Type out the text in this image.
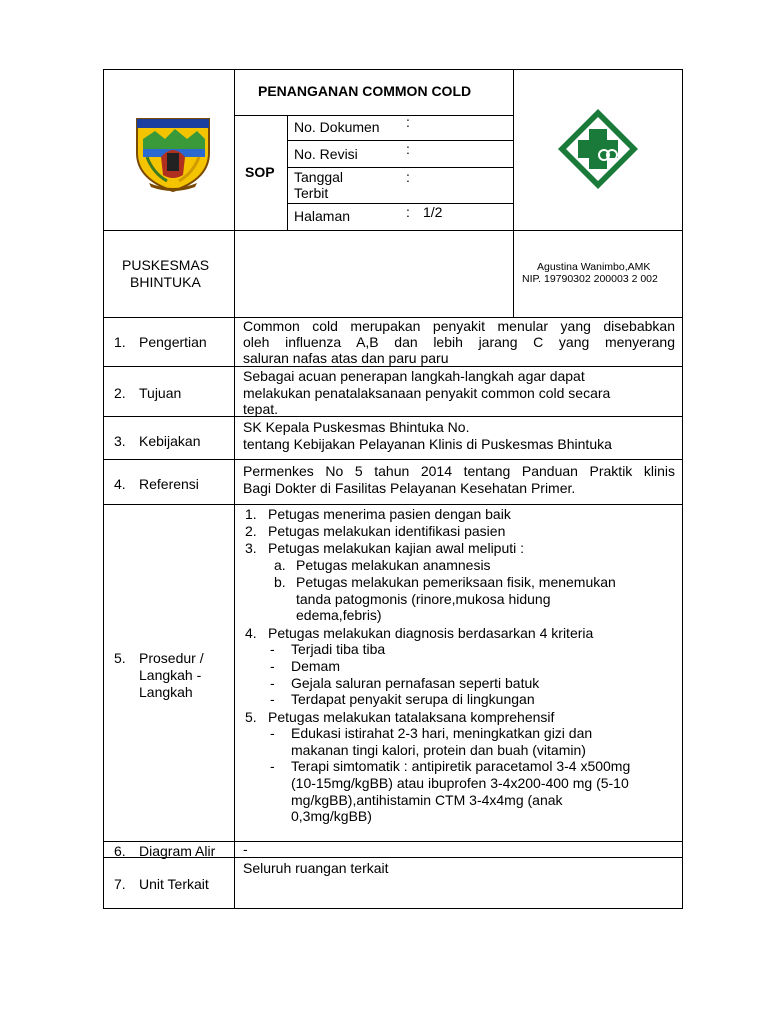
PENANGANAN COMMON COLD
SOP
No. Dokumen :
No. Revisi	:
Tanggal
Terbit
:
Halaman	: 1/2
PUSKESMAS
BHINTUKA
Agustina Wanimbo,AMK
NIP. 19790302 200003 2 002
1. Pengertian
Common cold merupakan penyakit menular yang disebabkan
oleh influenza A,B dan lebih jarang C yang menyerang
saluran nafas atas dan paru paru
2. Tujuan
Sebagai acuan penerapan langkah-langkah agar dapat
melakukan penatalaksanaan penyakit common cold secara
tepat.
3. Kebijakan
SK Kepala Puskesmas Bhintuka No.
tentang Kebijakan Pelayanan Klinis di Puskesmas Bhintuka
4. Referensi
Permenkes No 5 tahun 2014 tentang Panduan Praktik klinis
Bagi Dokter di Fasilitas Pelayanan Kesehatan Primer.
5. Prosedur /
Langkah -
Langkah
1. Petugas menerima pasien dengan baik
2. Petugas melakukan identifikasi pasien
3. Petugas melakukan kajian awal meliputi :
a. Petugas melakukan anamnesis
b. Petugas melakukan pemeriksaan fisik, menemukan
tanda patogmonis (rinore,mukosa hidung
edema,febris)
4. Petugas melakukan diagnosis berdasarkan 4 kriteria
- Terjadi tiba tiba
- Demam
- Gejala saluran pernafasan seperti batuk
- Terdapat penyakit serupa di lingkungan
5. Petugas melakukan tatalaksana komprehensif
- Edukasi istirahat 2-3 hari, meningkatkan gizi dan
makanan tingi kalori, protein dan buah (vitamin)
- Terapi simtomatik : antipiretik paracetamol 3-4 x500mg
(10-15mg/kgBB) atau ibuprofen 3-4x200-400 mg (5-10
mg/kgBB),antihistamin CTM 3-4x4mg (anak
0,3mg/kgBB)
6. Diagram Alir -
7. Unit Terkait
Seluruh ruangan terkait
